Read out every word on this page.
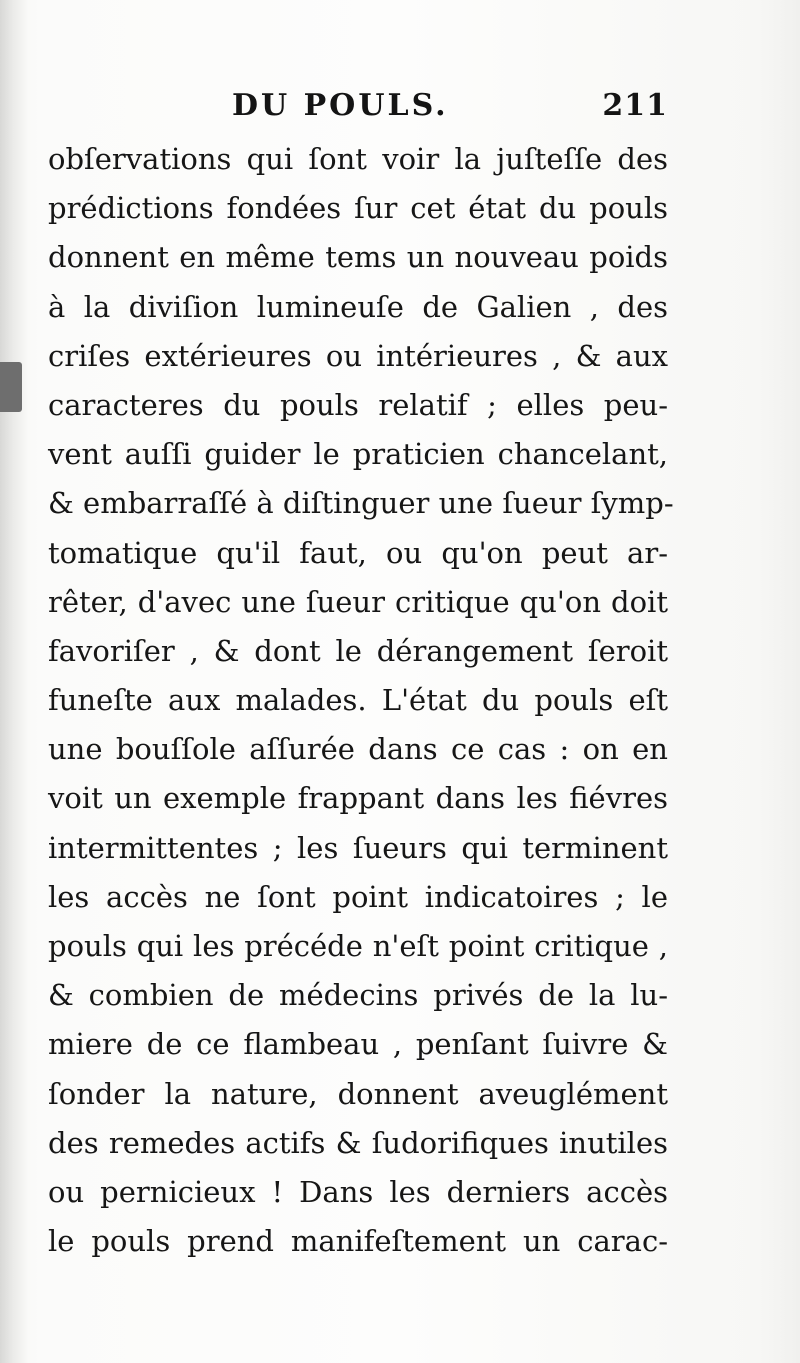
DU POULS.	211
obſervations qui ſont voir la juſteſſe des
prédictions fondées ſur cet état du pouls
donnent en même tems un nouveau poids
à la diviſion lumineuſe de Galien , des
criſes extérieures ou intérieures , & aux
caracteres du pouls relatif ; elles peu-
vent auſſi guider le praticien chancelant,
& embarraſſé à diſtinguer une ſueur ſymp-
tomatique qu'il faut, ou qu'on peut ar-
rêter, d'avec une ſueur critique qu'on doit
favoriſer , & dont le dérangement ſeroit
funeſte aux malades. L'état du pouls eſt
une bouſſole aſſurée dans ce cas : on en
voit un exemple frappant dans les fiévres
intermittentes ; les ſueurs qui terminent
les accès ne ſont point indicatoires ; le
pouls qui les précéde n'eſt point critique ,
& combien de médecins privés de la lu-
miere de ce flambeau , penſant ſuivre &
ſonder la nature, donnent aveuglément
des remedes actifs & ſudorifiques inutiles
ou pernicieux ! Dans les derniers accès
le pouls prend manifeſtement un carac-
